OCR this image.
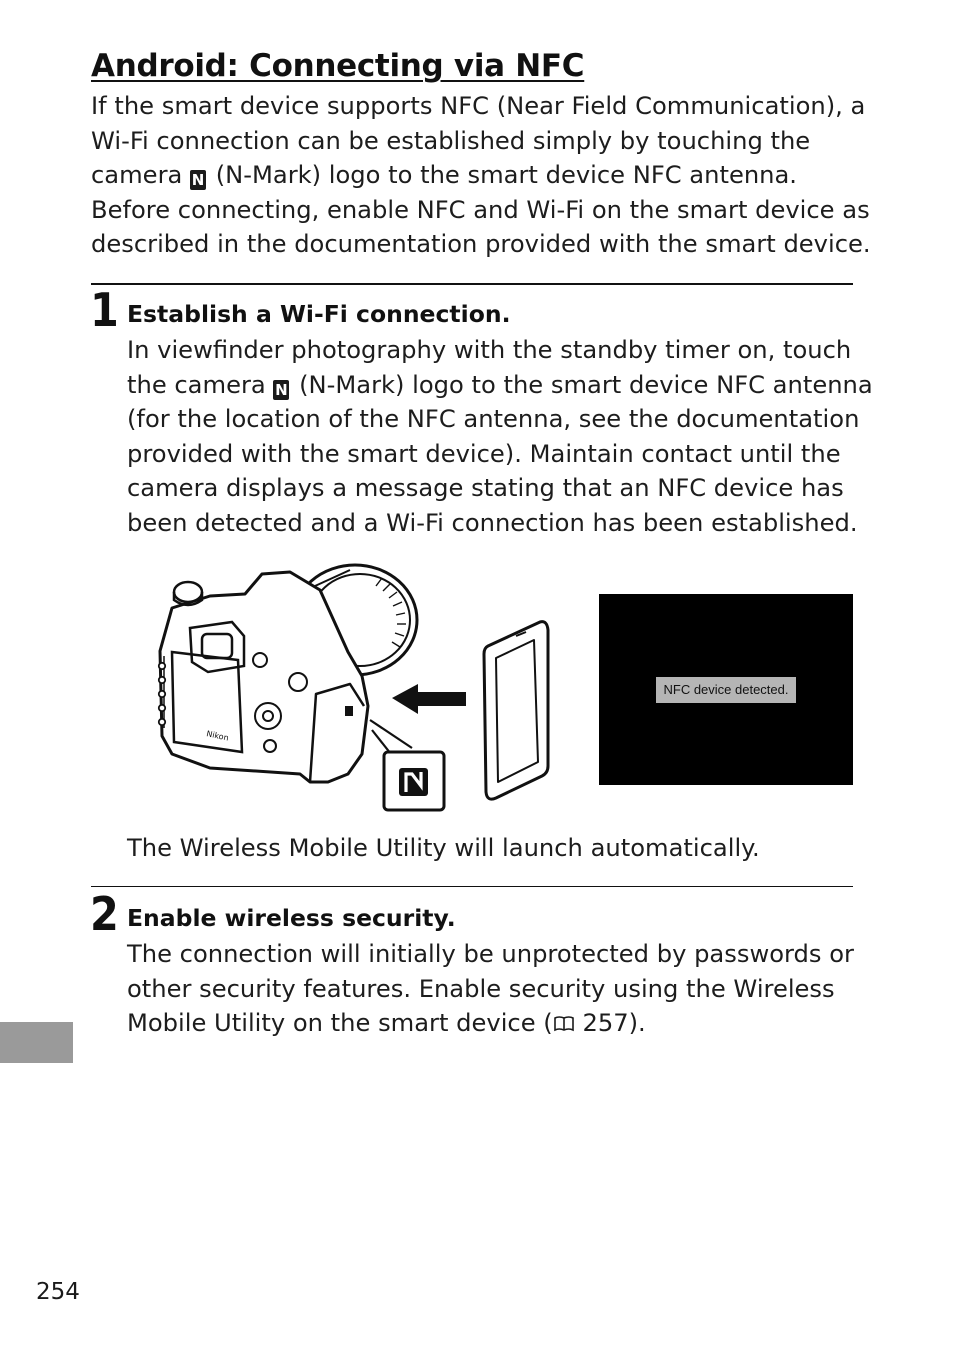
Android: Connecting via NFC
If the smart device supports NFC (Near Field Communication), a
Wi-Fi connection can be established simply by touching the
camera N (N-Mark) logo to the smart device NFC antenna.
Before connecting, enable NFC and Wi-Fi on the smart device as
described in the documentation provided with the smart device.
1 Establish a Wi-Fi connection.
In viewfinder photography with the standby timer on, touch
the camera N (N-Mark) logo to the smart device NFC antenna
(for the location of the NFC antenna, see the documentation
provided with the smart device). Maintain contact until the
camera displays a message stating that an NFC device has
been detected and a Wi-Fi connection has been established.
Nikon
NFC device detected.
The Wireless Mobile Utility will launch automatically.
2 Enable wireless security.
The connection will initially be unprotected by passwords or
other security features. Enable security using the Wireless
Mobile Utility on the smart device ( 257).
254
